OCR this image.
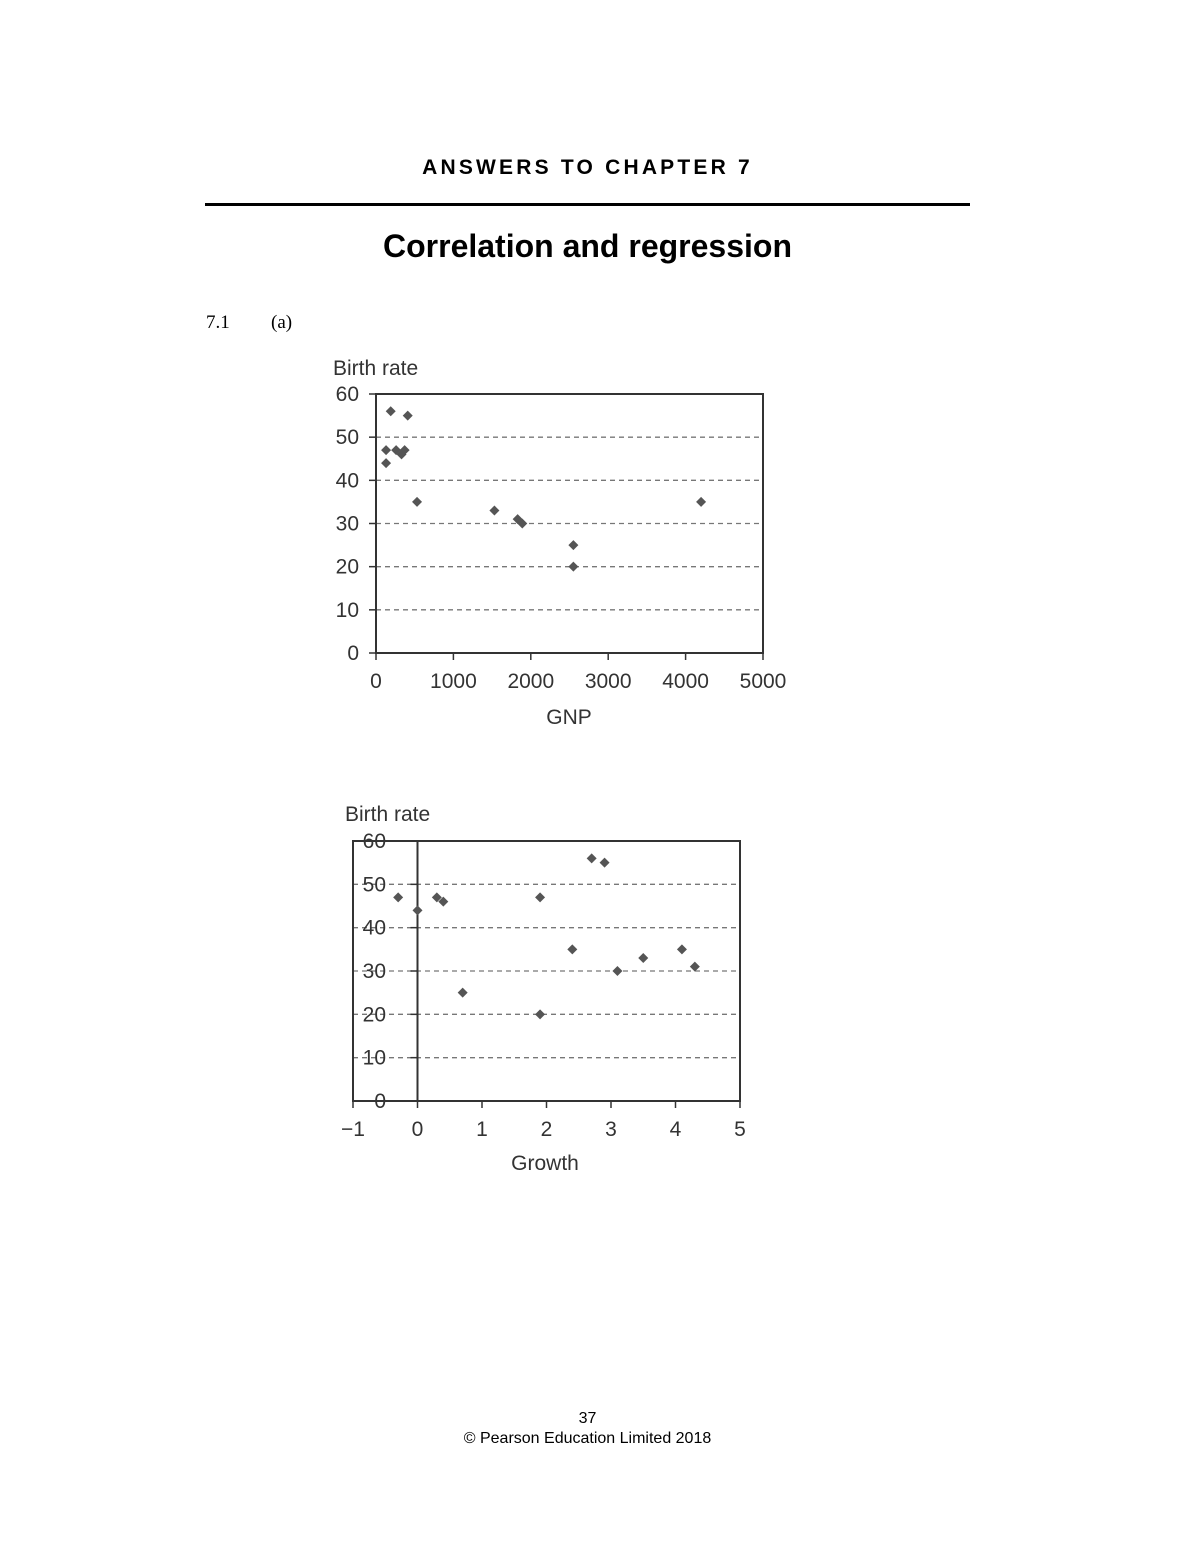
ANSWERS TO CHAPTER 7
Correlation and regression
7.1 (a)
0 1000 2000 3000 4000 5000
0
10
20
30
40
50
60
Birth rate
GNP
−1 0	1	2	3	4	5
0
10
20
30
40
50
60
Birth rate
Growth
37
© Pearson Education Limited 2018
